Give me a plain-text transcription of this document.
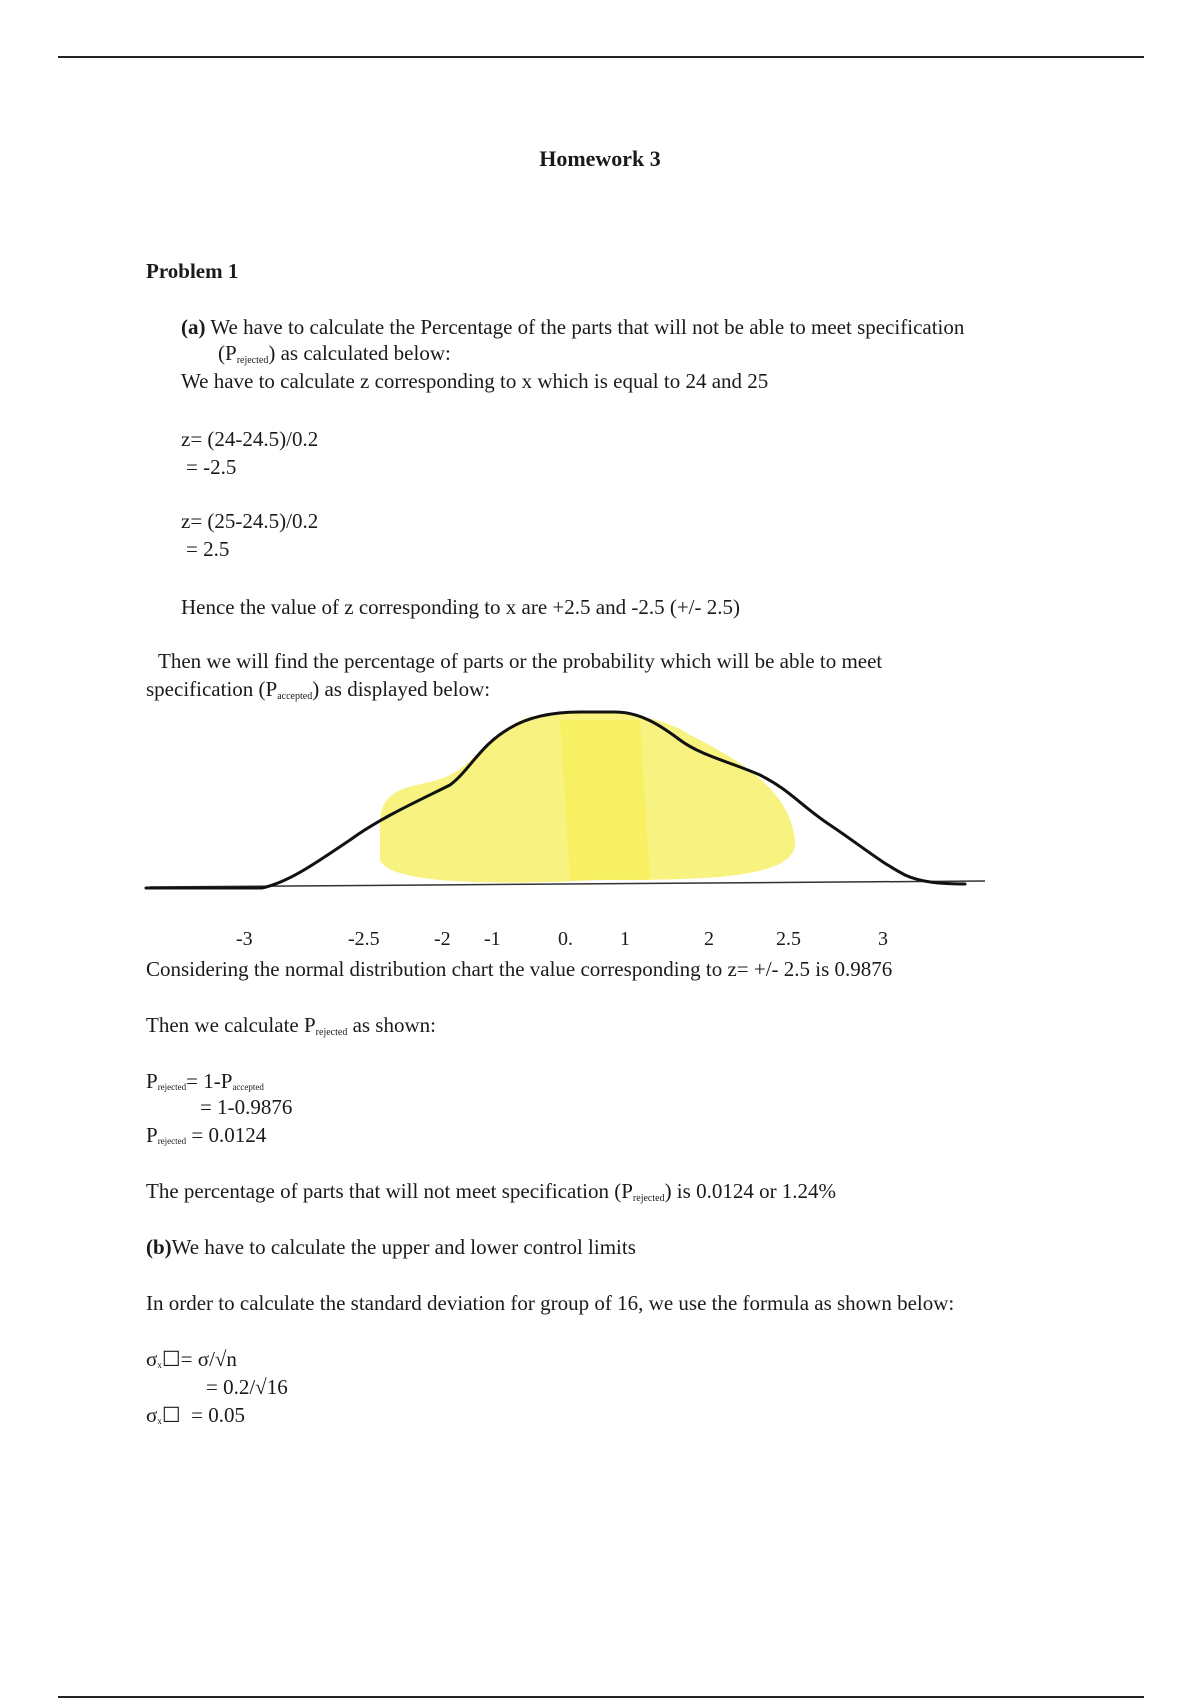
Homework 3
Problem 1
(a) We have to calculate the Percentage of the parts that will not be able to meet specification
$(P_{rejected})$ as calculated below:
We have to calculate z corresponding to x which is equal to 24 and 25
z= (24-24.5)/0.2
= -2.5
z= (25-24.5)/0.2
= 2.5
Hence the value of z corresponding to x are +2.5 and -2.5 (+/- 2.5)
Then we will find the percentage of parts or the probability which will be able to meet
specification $(P_{accepted})$ as displayed below:
-3	-2.5	-2 -1	0. 1	2	2.5	3
Considering the normal distribution chart the value corresponding to z= +/- 2.5 is 0.9876
Then we calculate $P_{rejected}$ as shown:
Prejected= 1-Paccepted
= 1-0.9876
Prejected = 0.0124
The percentage of parts that will not meet specification $(P_{rejected})$ is 0.0124 or 1.24%
(b)We have to calculate the upper and lower control limits
In order to calculate the standard deviation for group of 16, we use the formula as shown below:
σx☐= σ/√n
= 0.2/√16
σx☐ = 0.05
